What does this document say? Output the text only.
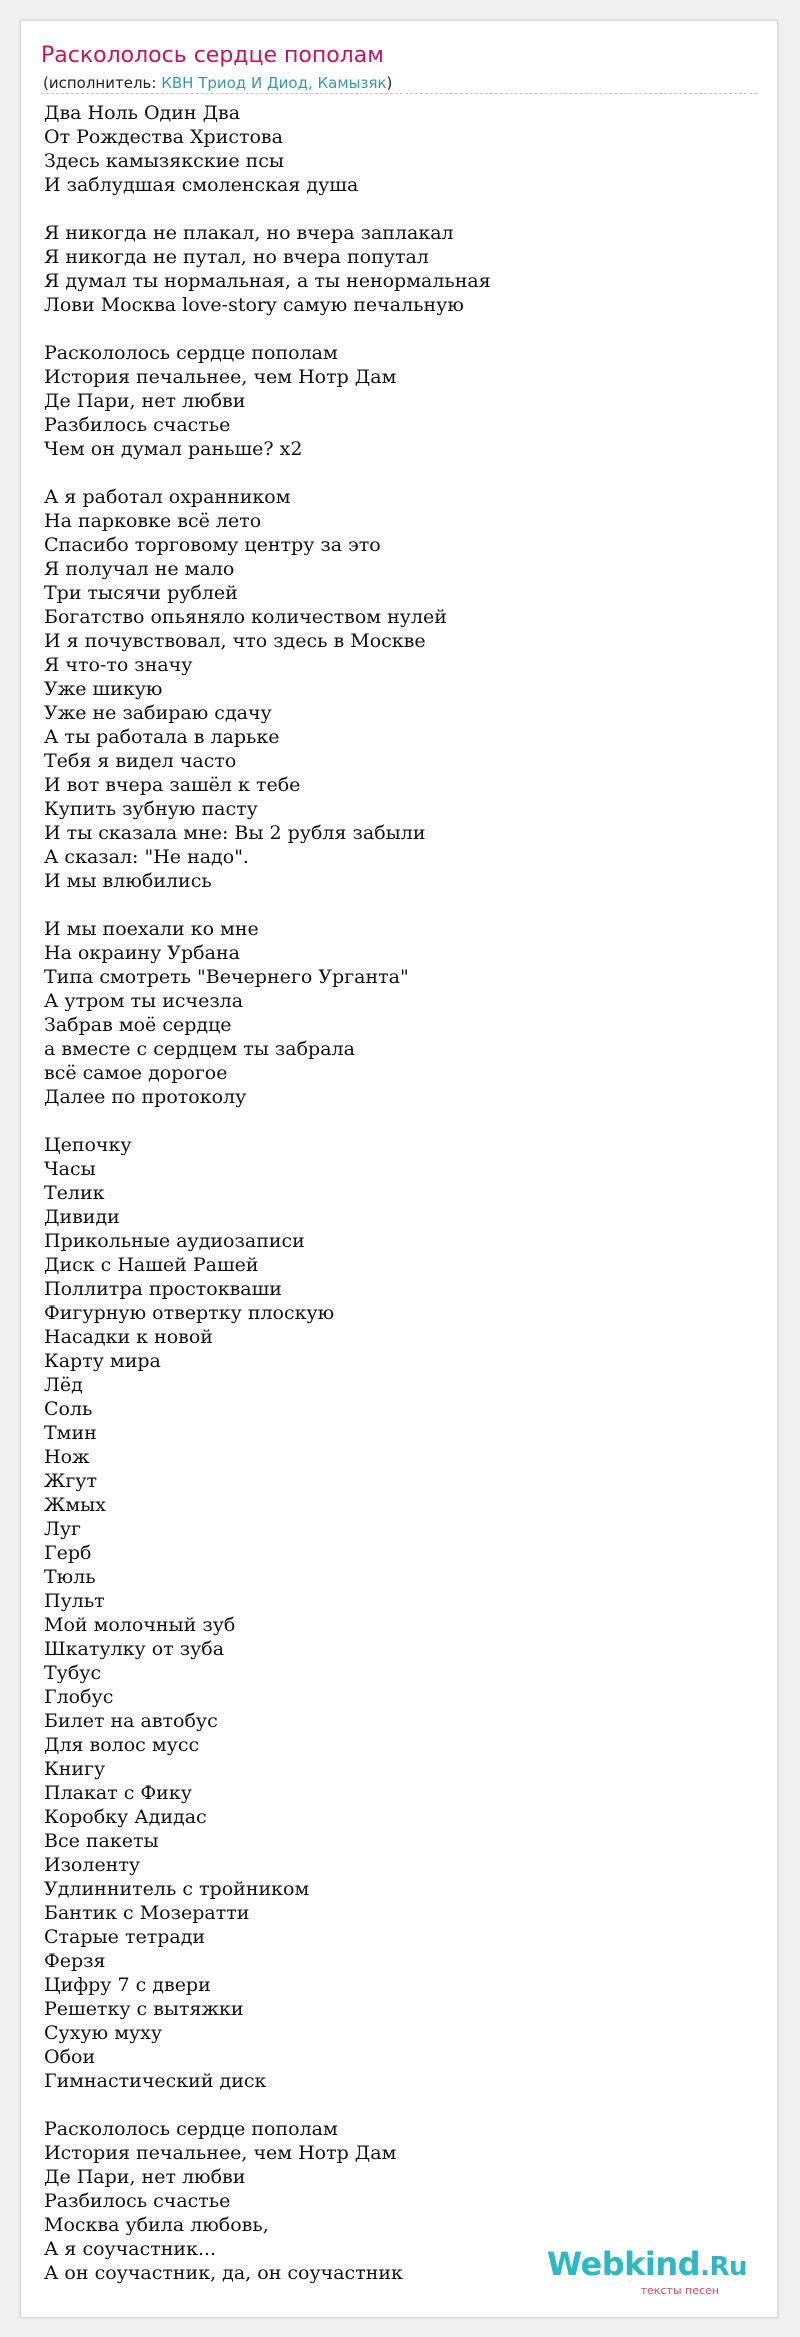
Раскололось сердце пополам
(исполнитель: КВН Триод И Диод, Камызяк)
Два Ноль Один Два
От Рождества Христова
Здесь камызякские псы
И заблудшая смоленская душа
Я никогда не плакал, но вчера заплакал
Я никогда не путал, но вчера попутал
Я думал ты нормальная, а ты ненормальная
Лови Москва love-story самую печальную
Раскололось сердце пополам
История печальнее, чем Нотр Дам
Де Пари, нет любви
Разбилось счастье
Чем он думал раньше? x2
А я работал охранником
На парковке всё лето
Спасибо торговому центру за это
Я получал не мало
Три тысячи рублей
Богатство опьяняло количеством нулей
И я почувствовал, что здесь в Москве
Я что-то значу
Уже шикую
Уже не забираю сдачу
А ты работала в ларьке
Тебя я видел часто
И вот вчера зашёл к тебе
Купить зубную пасту
И ты сказала мне: Вы 2 рубля забыли
А сказал: "Не надо".
И мы влюбились
И мы поехали ко мне
На окраину Урбана
Типа смотреть "Вечернего Урганта"
А утром ты исчезла
Забрав моё сердце
а вместе с сердцем ты забрала
всё самое дорогое
Далее по протоколу
Цепочку
Часы
Телик
Дивиди
Прикольные аудиозаписи
Диск с Нашей Рашей
Поллитра простокваши
Фигурную отвертку плоскую
Насадки к новой
Карту мира
Лёд
Соль
Тмин
Нож
Жгут
Жмых
Луг
Герб
Тюль
Пульт
Мой молочный зуб
Шкатулку от зуба
Тубус
Глобус
Билет на автобус
Для волос мусс
Книгу
Плакат с Фику
Коробку Адидас
Все пакеты
Изоленту
Удлиннитель с тройником
Бантик с Мозератти
Старые тетради
Ферзя
Цифру 7 с двери
Решетку с вытяжки
Сухую муху
Обои
Гимнастический диск
Раскололось сердце пополам
История печальнее, чем Нотр Дам
Де Пари, нет любви
Разбилось счастье
Москва убила любовь,
А я соучастник...
А он соучастник, да, он соучастник	Webkind.Ru
тексты песен
